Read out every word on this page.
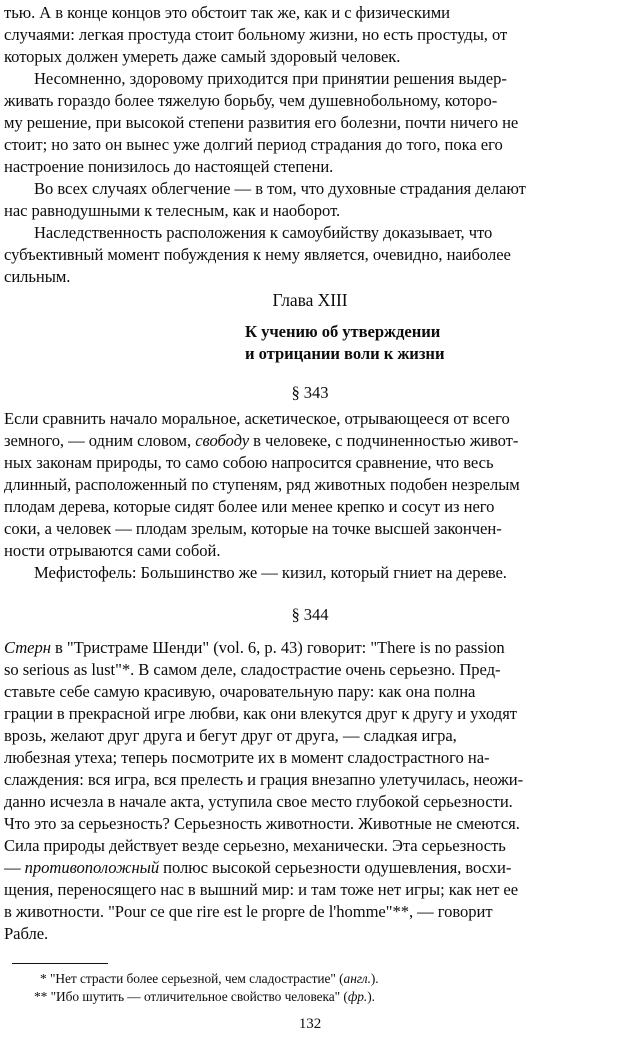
тью. А в конце концов это обстоит так же, как и с физическими

случаями: легкая простуда стоит больному жизни, но есть простуды, от

которых должен умереть даже самый здоровый человек.

Несомненно, здоровому приходится при принятии решения выдер-

живать гораздо более тяжелую борьбу, чем душевнобольному, которо-

му решение, при высокой степени развития его болезни, почти ничего не

стоит; но зато он вынес уже долгий период страдания до того, пока его

настроение понизилось до настоящей степени.

Во всех случаях облегчение — в том, что духовные страдания делают

нас равнодушными к телесным, как и наоборот.

Наследственность расположения к самоубийству доказывает, что

субъективный момент побуждения к нему является, очевидно, наиболее

сильным.

Глава XIII

К учению об утверждении

и отрицании воли к жизни

§ 343

Если сравнить начало моральное, аскетическое, отрывающееся от всего

земного, — одним словом, свободу в человеке, с подчиненностью живот-

ных законам природы, то само собою напросится сравнение, что весь

длинный, расположенный по ступеням, ряд животных подобен незрелым

плодам дерева, которые сидят более или менее крепко и сосут из него

соки, а человек — плодам зрелым, которые на точке высшей закончен-

ности отрываются сами собой.

Мефистофель: Большинство же — кизил, который гниет на дереве.

§ 344

Стерн в "Тристраме Шенди" (vol. 6, p. 43) говорит: "There is no passion

so serious as lust"*. В самом деле, сладострастие очень серьезно. Пред-

ставьте себе самую красивую, очаровательную пару: как она полна

грации в прекрасной игре любви, как они влекутся друг к другу и уходят

врозь, желают друг друга и бегут друг от друга, — сладкая игра,

любезная утеха; теперь посмотрите их в момент сладострастного на-

слаждения: вся игра, вся прелесть и грация внезапно улетучилась, неожи-

данно исчезла в начале акта, уступила свое место глубокой серьезности.

Что это за серьезность? Серьезность животности. Животные не смеются.

Сила природы действует везде серьезно, механически. Эта серьезность

— противоположный полюс высокой серьезности одушевления, восхи-

щения, переносящего нас в вышний мир: и там тоже нет игры; как нет ее

в животности. "Pour ce que rire est le propre de l'homme"**, — говорит

Рабле.

* "Нет страсти более серьезной, чем сладострастие" (англ.).

** "Ибо шутить — отличительное свойство человека" (фр.).

132
